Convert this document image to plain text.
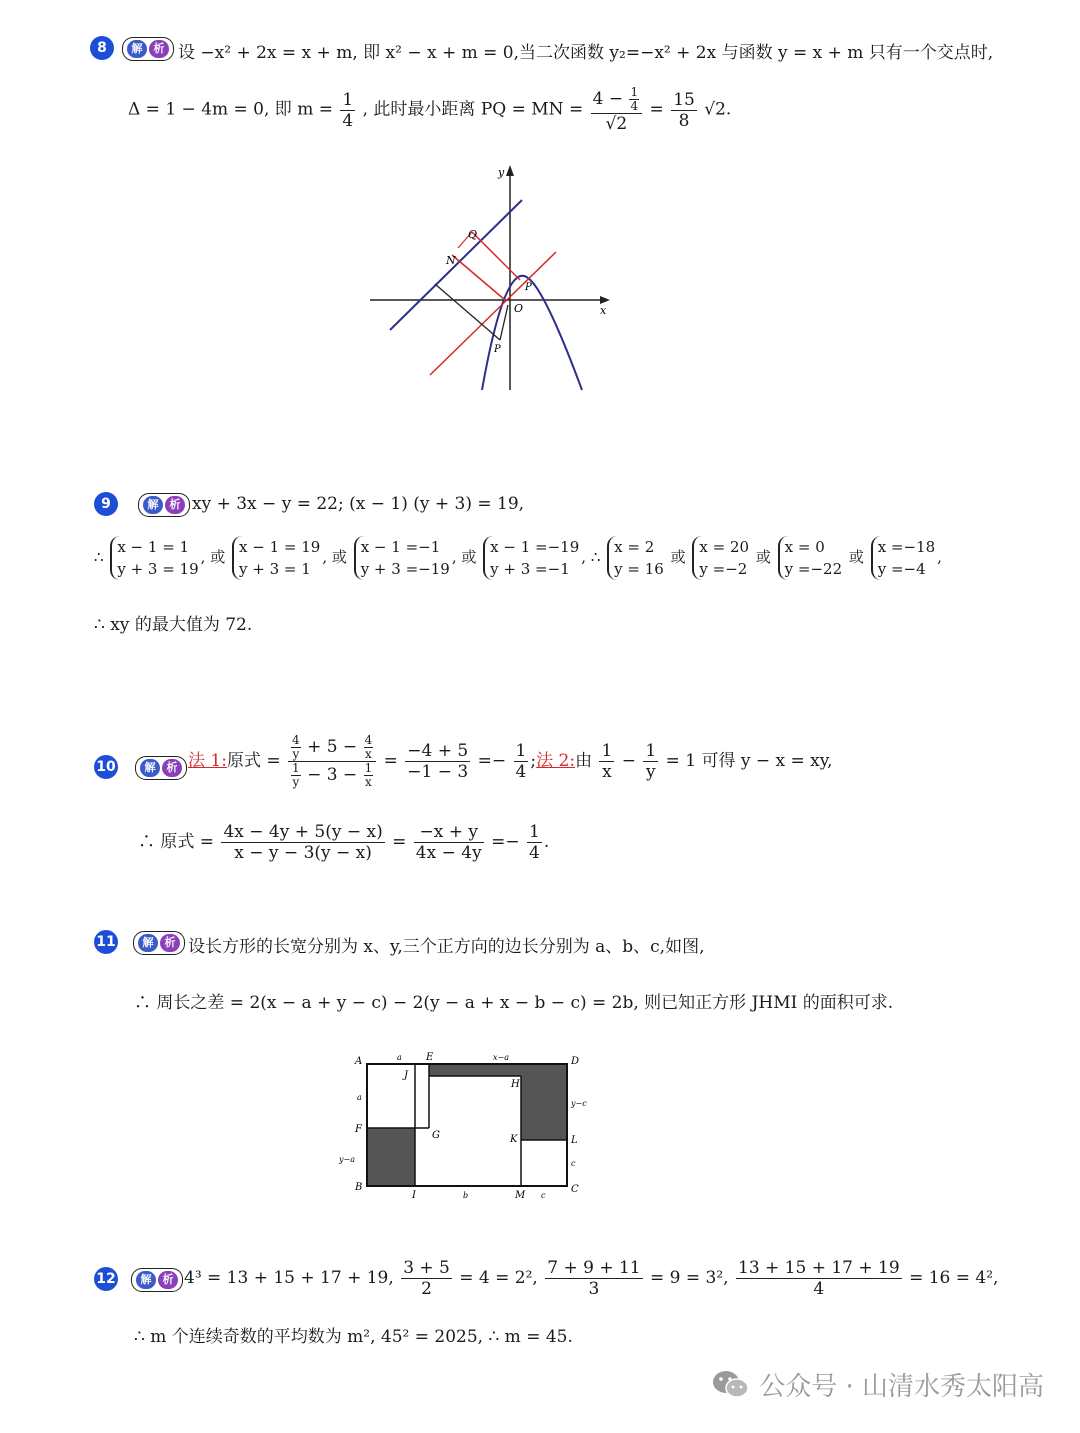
8	解	析 设 −x² + 2x = x + m, 即 x² − x + m = 0,当二次函数 y₂=−x² + 2x 与函数 y = x + m 只有一个交点时,
Δ = 1 − 4m = 0, 即 $m = \frac{1}{4}$ , 此时最小距离 PQ = MN = $\frac{4 - \frac{1}{4}}{√2} = \frac{15}{8} √2$.
y
x
O
Q
N
P
P
9	解	析 xy + 3x − y = 22; (x − 1) (y + 3) = 19,
∴
x − 1 = 1
y + 3 = 19
, 或
x − 1 = 19
y + 3 = 1
, 或
x − 1 =−1
y + 3 =−19
, 或
x − 1 =−19
y + 3 =−1
, ∴
x = 2
y = 16
或
x = 20
y =−2
或
x = 0
y =−22
或
x =−18
y =−4
,
∴ xy 的最大值为 72.
10	解	析 法 1:原式 = $\frac{\frac{4}{y} + 5 - \frac{4}{x}}{\frac{1}{y} - 3 - \frac{1}{x}} = \frac{-4 + 5}{-1 - 3} =- \frac{1}{4}$ ;法 2:由 $\frac{1}{x} - \frac{1}{y} = 1$ 可得 y − x = xy,
∴ 原式 = $\frac{4x - 4y + 5(y - x)}{x - y - 3(y - x)} = \frac{-x + y}{4x - 4y} =- \frac{1}{4}$ .
11	解	析 设长方形的长宽分别为 x、y,三个正方向的边长分别为 a、b、c,如图,
∴ 周长之差 = 2(x − a + y − c) − 2(y − a + x − b − c) = 2b, 则已知正方形 JHMI 的面积可求.
A
B	C
D
E
F
G
H
I
J
K	L
M
a	x−a
a
y−c
y−a	c
b	c
12	解	析 4³ = 13 + 15 + 17 + 19, $\frac{3 + 5}{2} = 4 = 2^2$, $\frac{7 + 9 + 11}{3} = 9 = 3^2$, $\frac{13 + 15 + 17 + 19}{4} = 16 = 4^2$,
∴ m 个连续奇数的平均数为 m², 45² = 2025, ∴ m = 45.
公众号 · 山清水秀太阳高
